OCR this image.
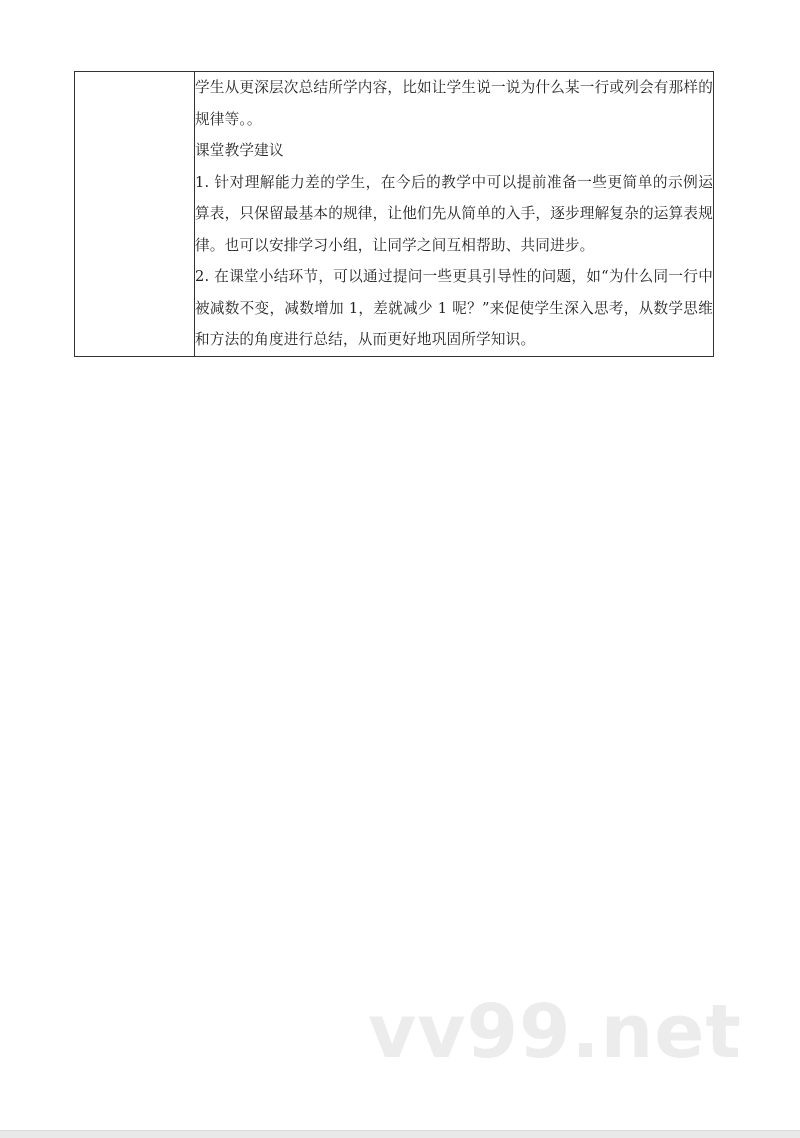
学生从更深层次总结所学内容，比如让学生说一说为什么某一行或列会有那样的规律等。。

课堂教学建议

1. 针对理解能力差的学生，在今后的教学中可以提前准备一些更简单的示例运算表，只保留最基本的规律，让他们先从简单的入手，逐步理解复杂的运算表规律。也可以安排学习小组，让同学之间互相帮助、共同进步。

2. 在课堂小结环节，可以通过提问一些更具引导性的问题，如“为什么同一行中被减数不变，减数增加 1，差就减少 1 呢？”来促使学生深入思考，从数学思维和方法的角度进行总结，从而更好地巩固所学知识。

vv99.net
